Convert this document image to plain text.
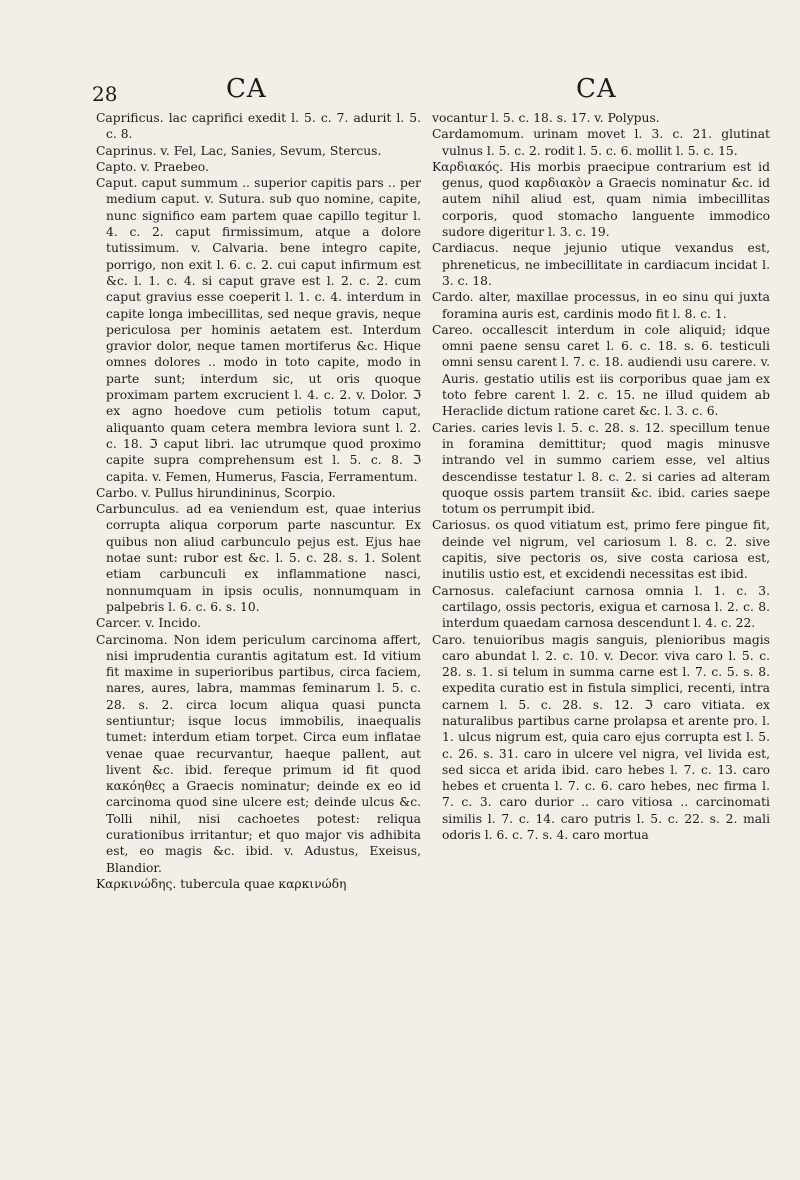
28	CA	CA

Caprificus. lac caprifici exedit l. 5. c. 7. adurit l. 5. c. 8.

Caprinus. v. Fel, Lac, Sanies, Sevum, Stercus.

Capto. v. Praebeo.

Caput. caput summum .. superior capitis pars .. per medium caput. v. Sutura. sub quo nomine, capite, nunc significo eam partem quae capillo tegitur l. 4. c. 2. caput firmissimum, atque a dolore tutissimum. v. Calvaria. bene integro capite, porrigo, non exit l. 6. c. 2. cui caput infirmum est &c. l. 1. c. 4. si caput grave est l. 2. c. 2. cum caput gravius esse coeperit l. 1. c. 4. interdum in capite longa imbecillitas, sed neque gravis, neque periculosa per hominis aetatem est. Interdum gravior dolor, neque tamen mortiferus &c. Hique omnes dolores .. modo in toto capite, modo in parte sunt; interdum sic, ut oris quoque proximam partem excrucient l. 4. c. 2. v. Dolor. ℑ ex agno hoedove cum petiolis totum caput, aliquanto quam cetera membra leviora sunt l. 2. c. 18. ℑ caput libri. lac utrumque quod proximo capite supra comprehensum est l. 5. c. 8. ℑ capita. v. Femen, Humerus, Fascia, Ferramentum.

Carbo. v. Pullus hirundininus, Scorpio.

Carbunculus. ad ea veniendum est, quae interius corrupta aliqua corporum parte nascuntur. Ex quibus non aliud carbunculo pejus est. Ejus hae notae sunt: rubor est &c. l. 5. c. 28. s. 1. Solent etiam carbunculi ex inflammatione nasci, nonnumquam in ipsis oculis, nonnumquam in palpebris l. 6. c. 6. s. 10.

Carcer. v. Incido.

Carcinoma. Non idem periculum carcinoma affert, nisi imprudentia curantis agitatum est. Id vitium fit maxime in superioribus partibus, circa faciem, nares, aures, labra, mammas feminarum l. 5. c. 28. s. 2. circa locum aliqua quasi puncta sentiuntur; isque locus immobilis, inaequalis tumet: interdum etiam torpet. Circa eum inflatae venae quae recurvantur, haeque pallent, aut livent &c. ibid. fereque primum id fit quod κακόηθες a Graecis nominatur; deinde ex eo id carcinoma quod sine ulcere est; deinde ulcus &c. Tolli nihil, nisi cachoetes potest: reliqua curationibus irritantur; et quo major vis adhibita est, eo magis &c. ibid. v. Adustus, Exeisus, Blandior.

Καρκινώδης. tubercula quae καρκινώδη

vocantur l. 5. c. 18. s. 17. v. Polypus.

Cardamomum. urinam movet l. 3. c. 21. glutinat vulnus l. 5. c. 2. rodit l. 5. c. 6. mollit l. 5. c. 15.

Καρδιακός. His morbis praecipue contrarium est id genus, quod καρδιακὸν a Graecis nominatur &c. id autem nihil aliud est, quam nimia imbecillitas corporis, quod stomacho languente immodico sudore digeritur l. 3. c. 19.

Cardiacus. neque jejunio utique vexandus est, phreneticus, ne imbecillitate in cardiacum incidat l. 3. c. 18.

Cardo. alter, maxillae processus, in eo sinu qui juxta foramina auris est, cardinis modo fit l. 8. c. 1.

Careo. occallescit interdum in cole aliquid; idque omni paene sensu caret l. 6. c. 18. s. 6. testiculi omni sensu carent l. 7. c. 18. audiendi usu carere. v. Auris. gestatio utilis est iis corporibus quae jam ex toto febre carent l. 2. c. 15. ne illud quidem ab Heraclide dictum ratione caret &c. l. 3. c. 6.

Caries. caries levis l. 5. c. 28. s. 12. specillum tenue in foramina demittitur; quod magis minusve intrando vel in summo cariem esse, vel altius descendisse testatur l. 8. c. 2. si caries ad alteram quoque ossis partem transiit &c. ibid. caries saepe totum os perrumpit ibid.

Cariosus. os quod vitiatum est, primo fere pingue fit, deinde vel nigrum, vel cariosum l. 8. c. 2. sive capitis, sive pectoris os, sive costa cariosa est, inutilis ustio est, et excidendi necessitas est ibid.

Carnosus. calefaciunt carnosa omnia l. 1. c. 3. cartilago, ossis pectoris, exigua et carnosa l. 2. c. 8. interdum quaedam carnosa descendunt l. 4. c. 22.

Caro. tenuioribus magis sanguis, plenioribus magis caro abundat l. 2. c. 10. v. Decor. viva caro l. 5. c. 28. s. 1. si telum in summa carne est l. 7. c. 5. s. 8. expedita curatio est in fistula simplici, recenti, intra carnem l. 5. c. 28. s. 12. ℑ caro vitiata. ex naturalibus partibus carne prolapsa et arente pro. l. 1. ulcus nigrum est, quia caro ejus corrupta est l. 5. c. 26. s. 31. caro in ulcere vel nigra, vel livida est, sed sicca et arida ibid. caro hebes l. 7. c. 13. caro hebes et cruenta l. 7. c. 6. caro hebes, nec firma l. 7. c. 3. caro durior .. caro vitiosa .. carcinomati similis l. 7. c. 14. caro putris l. 5. c. 22. s. 2. mali odoris l. 6. c. 7. s. 4. caro mortua
